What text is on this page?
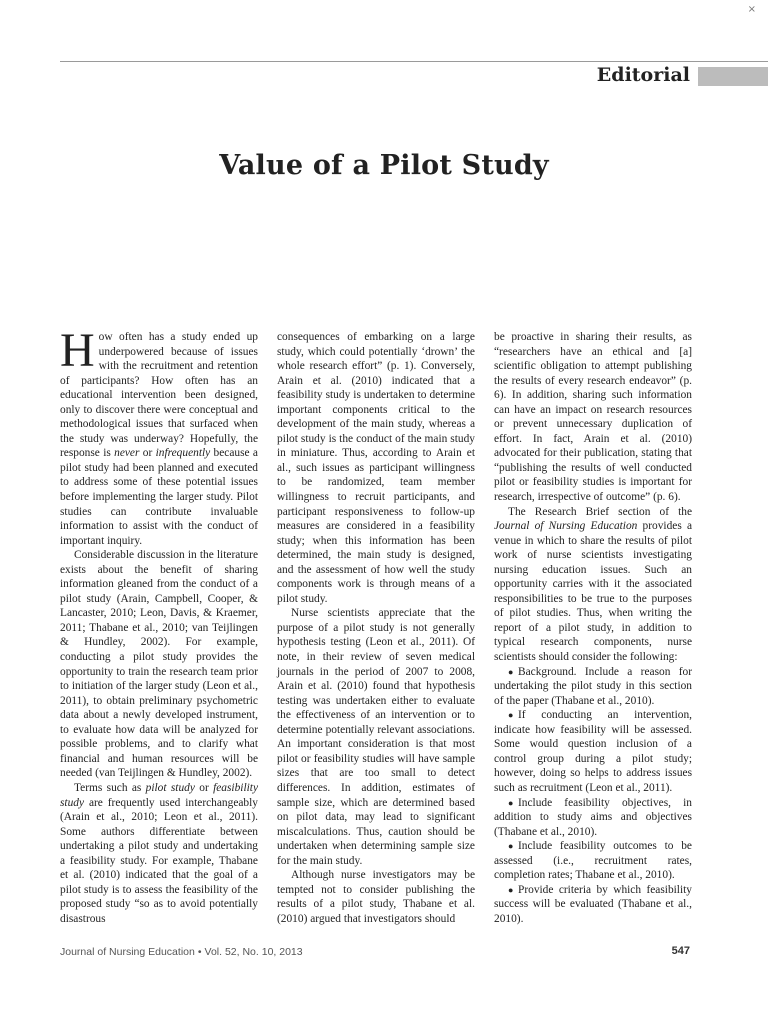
×
Editorial
Value of a Pilot Study

How often has a study ended up underpowered because of issues with the recruitment and retention of participants? How often has an educational intervention been designed, only to discover there were conceptual and methodological issues that surfaced when the study was underway? Hopefully, the response is never or infrequently because a pilot study had been planned and executed to address some of these potential issues before implementing the larger study. Pilot studies can contribute invaluable information to assist with the conduct of important inquiry.

Considerable discussion in the literature exists about the benefit of sharing information gleaned from the conduct of a pilot study (Arain, Campbell, Cooper, & Lancaster, 2010; Leon, Davis, & Kraemer, 2011; Thabane et al., 2010; van Teijlingen & Hundley, 2002). For example, conducting a pilot study provides the opportunity to train the research team prior to initiation of the larger study (Leon et al., 2011), to obtain preliminary psychometric data about a newly developed instrument, to evaluate how data will be analyzed for possible problems, and to clarify what financial and human resources will be needed (van Teijlingen & Hundley, 2002).

Terms such as pilot study or feasibility study are frequently used interchangeably (Arain et al., 2010; Leon et al., 2011). Some authors differentiate between undertaking a pilot study and undertaking a feasibility study. For example, Thabane et al. (2010) indicated that the goal of a pilot study is to assess the feasibility of the proposed study “so as to avoid potentially disastrous

consequences of embarking on a large study, which could potentially ‘drown’ the whole research effort” (p. 1). Conversely, Arain et al. (2010) indicated that a feasibility study is undertaken to determine important components critical to the development of the main study, whereas a pilot study is the conduct of the main study in miniature. Thus, according to Arain et al., such issues as participant willingness to be randomized, team member willingness to recruit participants, and participant responsiveness to follow-up measures are considered in a feasibility study; when this information has been determined, the main study is designed, and the assessment of how well the study components work is through means of a pilot study.

Nurse scientists appreciate that the purpose of a pilot study is not generally hypothesis testing (Leon et al., 2011). Of note, in their review of seven medical journals in the period of 2007 to 2008, Arain et al. (2010) found that hypothesis testing was undertaken either to evaluate the effectiveness of an intervention or to determine potentially relevant associations. An important consideration is that most pilot or feasibility studies will have sample sizes that are too small to detect differences. In addition, estimates of sample size, which are determined based on pilot data, may lead to significant miscalculations. Thus, caution should be undertaken when determining sample size for the main study.

Although nurse investigators may be tempted not to consider publishing the results of a pilot study, Thabane et al. (2010) argued that investigators should

be proactive in sharing their results, as “researchers have an ethical and [a] scientific obligation to attempt publishing the results of every research endeavor” (p. 6). In addition, sharing such information can have an impact on research resources or prevent unnecessary duplication of effort. In fact, Arain et al. (2010) advocated for their publication, stating that “publishing the results of well conducted pilot or feasibility studies is important for research, irrespective of outcome” (p. 6).

The Research Brief section of the Journal of Nursing Education provides a venue in which to share the results of pilot work of nurse scientists investigating nursing education issues. Such an opportunity carries with it the associated responsibilities to be true to the purposes of pilot studies. Thus, when writing the report of a pilot study, in addition to typical research components, nurse scientists should consider the following:

● Background. Include a reason for undertaking the pilot study in this section of the paper (Thabane et al., 2010).
● If conducting an intervention, indicate how feasibility will be assessed. Some would question inclusion of a control group during a pilot study; however, doing so helps to address issues such as recruitment (Leon et al., 2011).
● Include feasibility objectives, in addition to study aims and objectives (Thabane et al., 2010).
● Include feasibility outcomes to be assessed (i.e., recruitment rates, completion rates; Thabane et al., 2010).
● Provide criteria by which feasibility success will be evaluated (Thabane et al., 2010).
Journal of Nursing Education • Vol. 52, No. 10, 2013	547
